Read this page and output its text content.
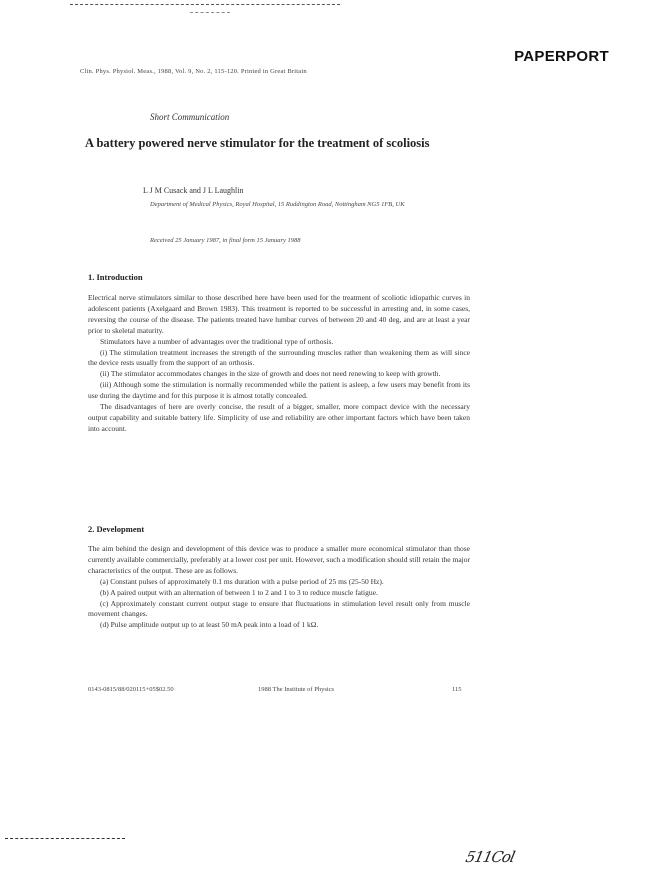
PAPERPORT
Clin. Phys. Physiol. Meas., 1988, Vol. 9, No. 2, 115-120. Printed in Great Britain
Short Communication
A battery powered nerve stimulator for the treatment of scoliosis
L J M Cusack and J L Laughlin
Department of Medical Physics, Royal Hospital, 15 Ruddington Road, Nottingham NG5 1FB, UK
Received 25 January 1987, in final form 15 January 1988
1. Introduction

Electrical nerve stimulators similar to those described here have been used for the treatment of scoliotic idiopathic curves in adolescent patients (Axelgaard and Brown 1983). This treatment is reported to be successful in arresting and, in some cases, reversing the course of the disease. The patients treated have lumbar curves of between 20 and 40 deg, and are at least a year prior to skeletal maturity.

Stimulators have a number of advantages over the traditional type of orthosis.

(i) The stimulation treatment increases the strength of the surrounding muscles rather than weakening them as will since the device rests usually from the support of an orthosis.

(ii) The stimulator accommodates changes in the size of growth and does not need renewing to keep with growth.

(iii) Although some the stimulation is normally recommended while the patient is asleep, a few users may benefit from its use during the daytime and for this purpose it is almost totally concealed.

The disadvantages of here are overly concise, the result of a bigger, smaller, more compact device with the necessary output capability and suitable battery life. Simplicity of use and reliability are other important factors which have been taken into account.

2. Development

The aim behind the design and development of this device was to produce a smaller more economical stimulator than those currently available commercially, preferably at a lower cost per unit. However, such a modification should still retain the major characteristics of the output. These are as follows.

(a) Constant pulses of approximately 0.1 ms duration with a pulse period of 25 ms (25-50 Hz).

(b) A paired output with an alternation of between 1 to 2 and 1 to 3 to reduce muscle fatigue.

(c) Approximately constant current output stage to ensure that fluctuations in stimulation level result only from muscle movement changes.

(d) Pulse amplitude output up to at least 50 mA peak into a load of 1 kΩ.

0143-0815/88/020115+05$02.50	1988 The Institute of Physics	115
511Col
